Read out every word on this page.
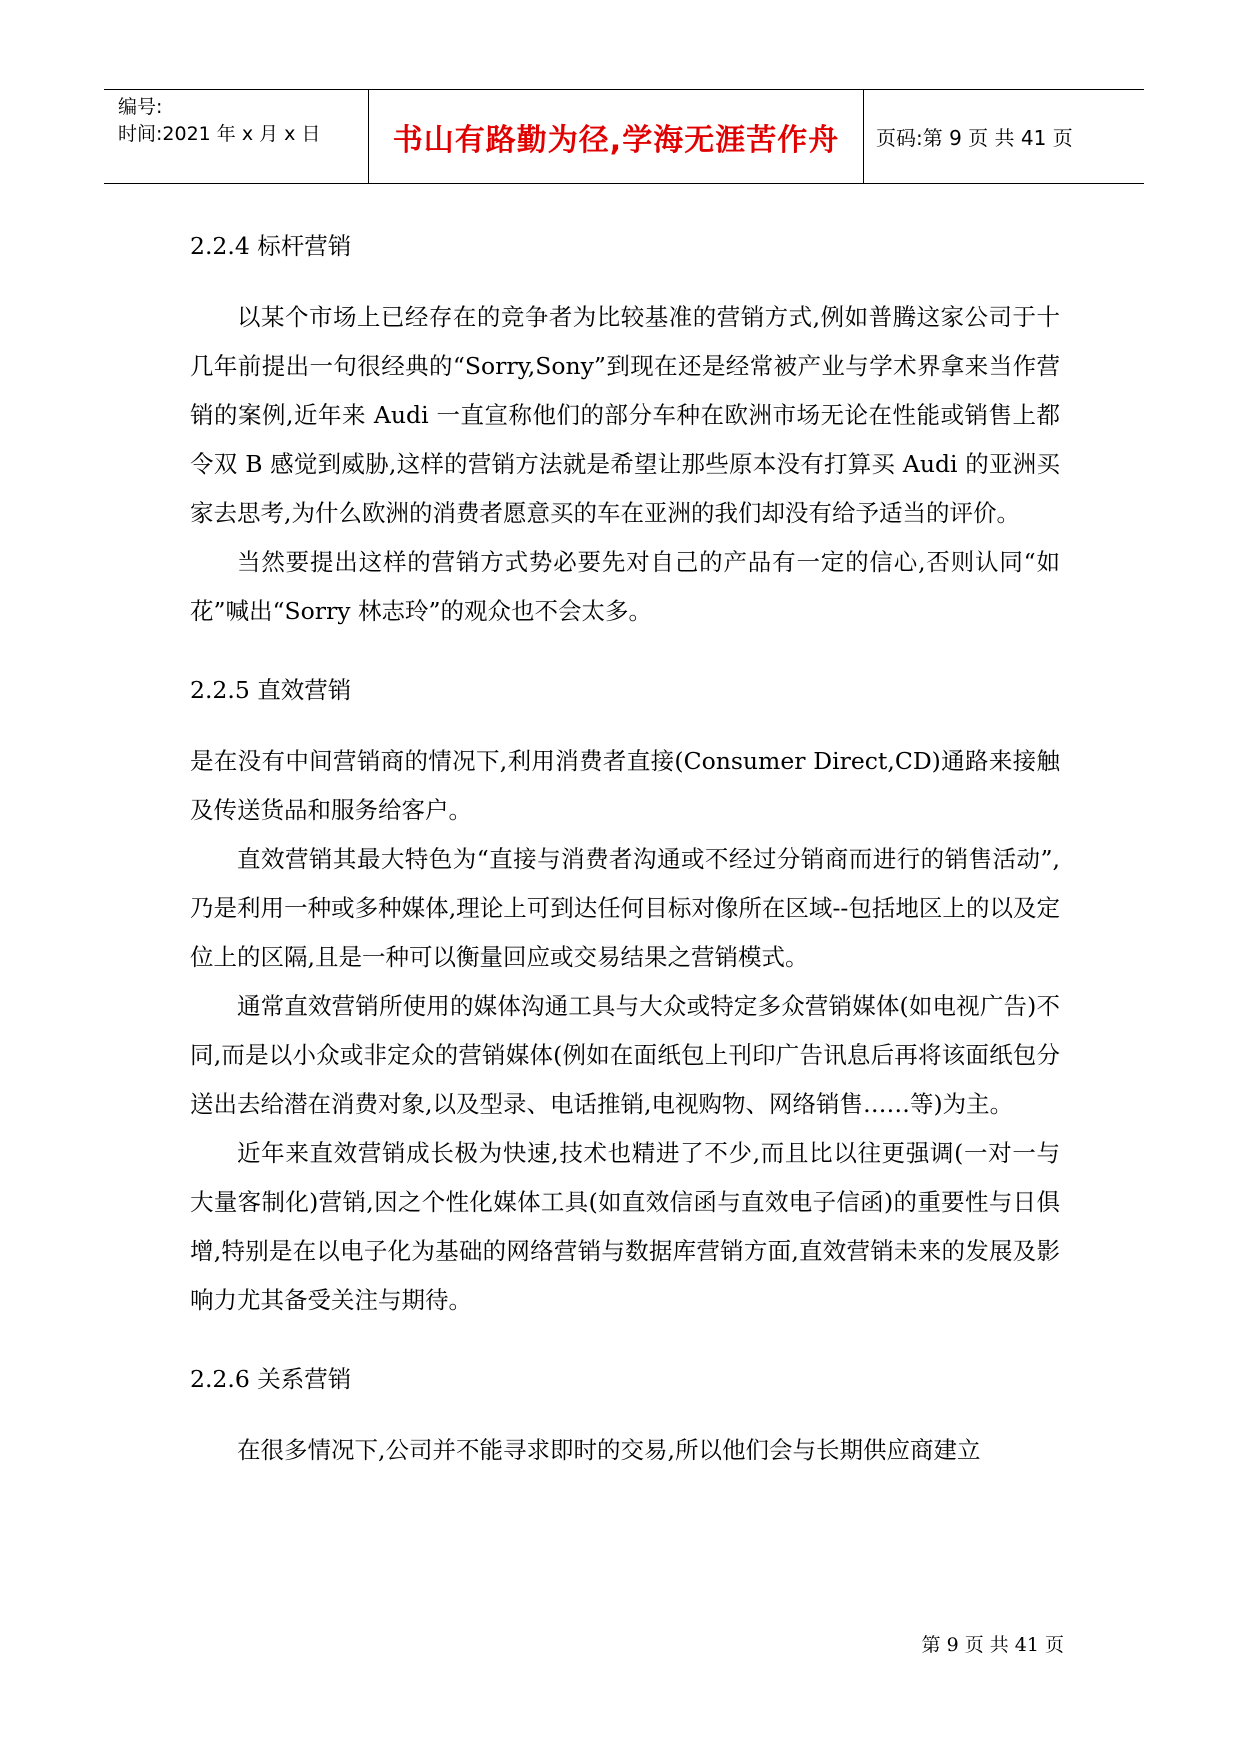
编号:
时间:2021 年 x 月 x 日	书山有路勤为径,学海无涯苦作舟 页码:第 9 页 共 41 页

2.2.4 标杆营销

以某个市场上已经存在的竞争者为比较基准的营销方式,例如普腾这家公司于十几年前提出一句很经典的“Sorry,Sony”到现在还是经常被产业与学术界拿来当作营销的案例,近年来 Audi 一直宣称他们的部分车种在欧洲市场无论在性能或销售上都令双 B 感觉到威胁,这样的营销方法就是希望让那些原本没有打算买 Audi 的亚洲买家去思考,为什么欧洲的消费者愿意买的车在亚洲的我们却没有给予适当的评价。

当然要提出这样的营销方式势必要先对自己的产品有一定的信心,否则认同“如花”喊出“Sorry 林志玲”的观众也不会太多。

2.2.5 直效营销

是在没有中间营销商的情况下,利用消费者直接(Consumer Direct,CD)通路来接触及传送货品和服务给客户。

直效营销其最大特色为“直接与消费者沟通或不经过分销商而进行的销售活动”,乃是利用一种或多种媒体,理论上可到达任何目标对像所在区域--包括地区上的以及定位上的区隔,且是一种可以衡量回应或交易结果之营销模式。

通常直效营销所使用的媒体沟通工具与大众或特定多众营销媒体(如电视广告)不同,而是以小众或非定众的营销媒体(例如在面纸包上刊印广告讯息后再将该面纸包分送出去给潜在消费对象,以及型录、电话推销,电视购物、网络销售……等)为主。

近年来直效营销成长极为快速,技术也精进了不少,而且比以往更强调(一对一与大量客制化)营销,因之个性化媒体工具(如直效信函与直效电子信函)的重要性与日俱增,特别是在以电子化为基础的网络营销与数据库营销方面,直效营销未来的发展及影响力尤其备受关注与期待。

2.2.6 关系营销

在很多情况下,公司并不能寻求即时的交易,所以他们会与长期供应商建立

第 9 页 共 41 页
